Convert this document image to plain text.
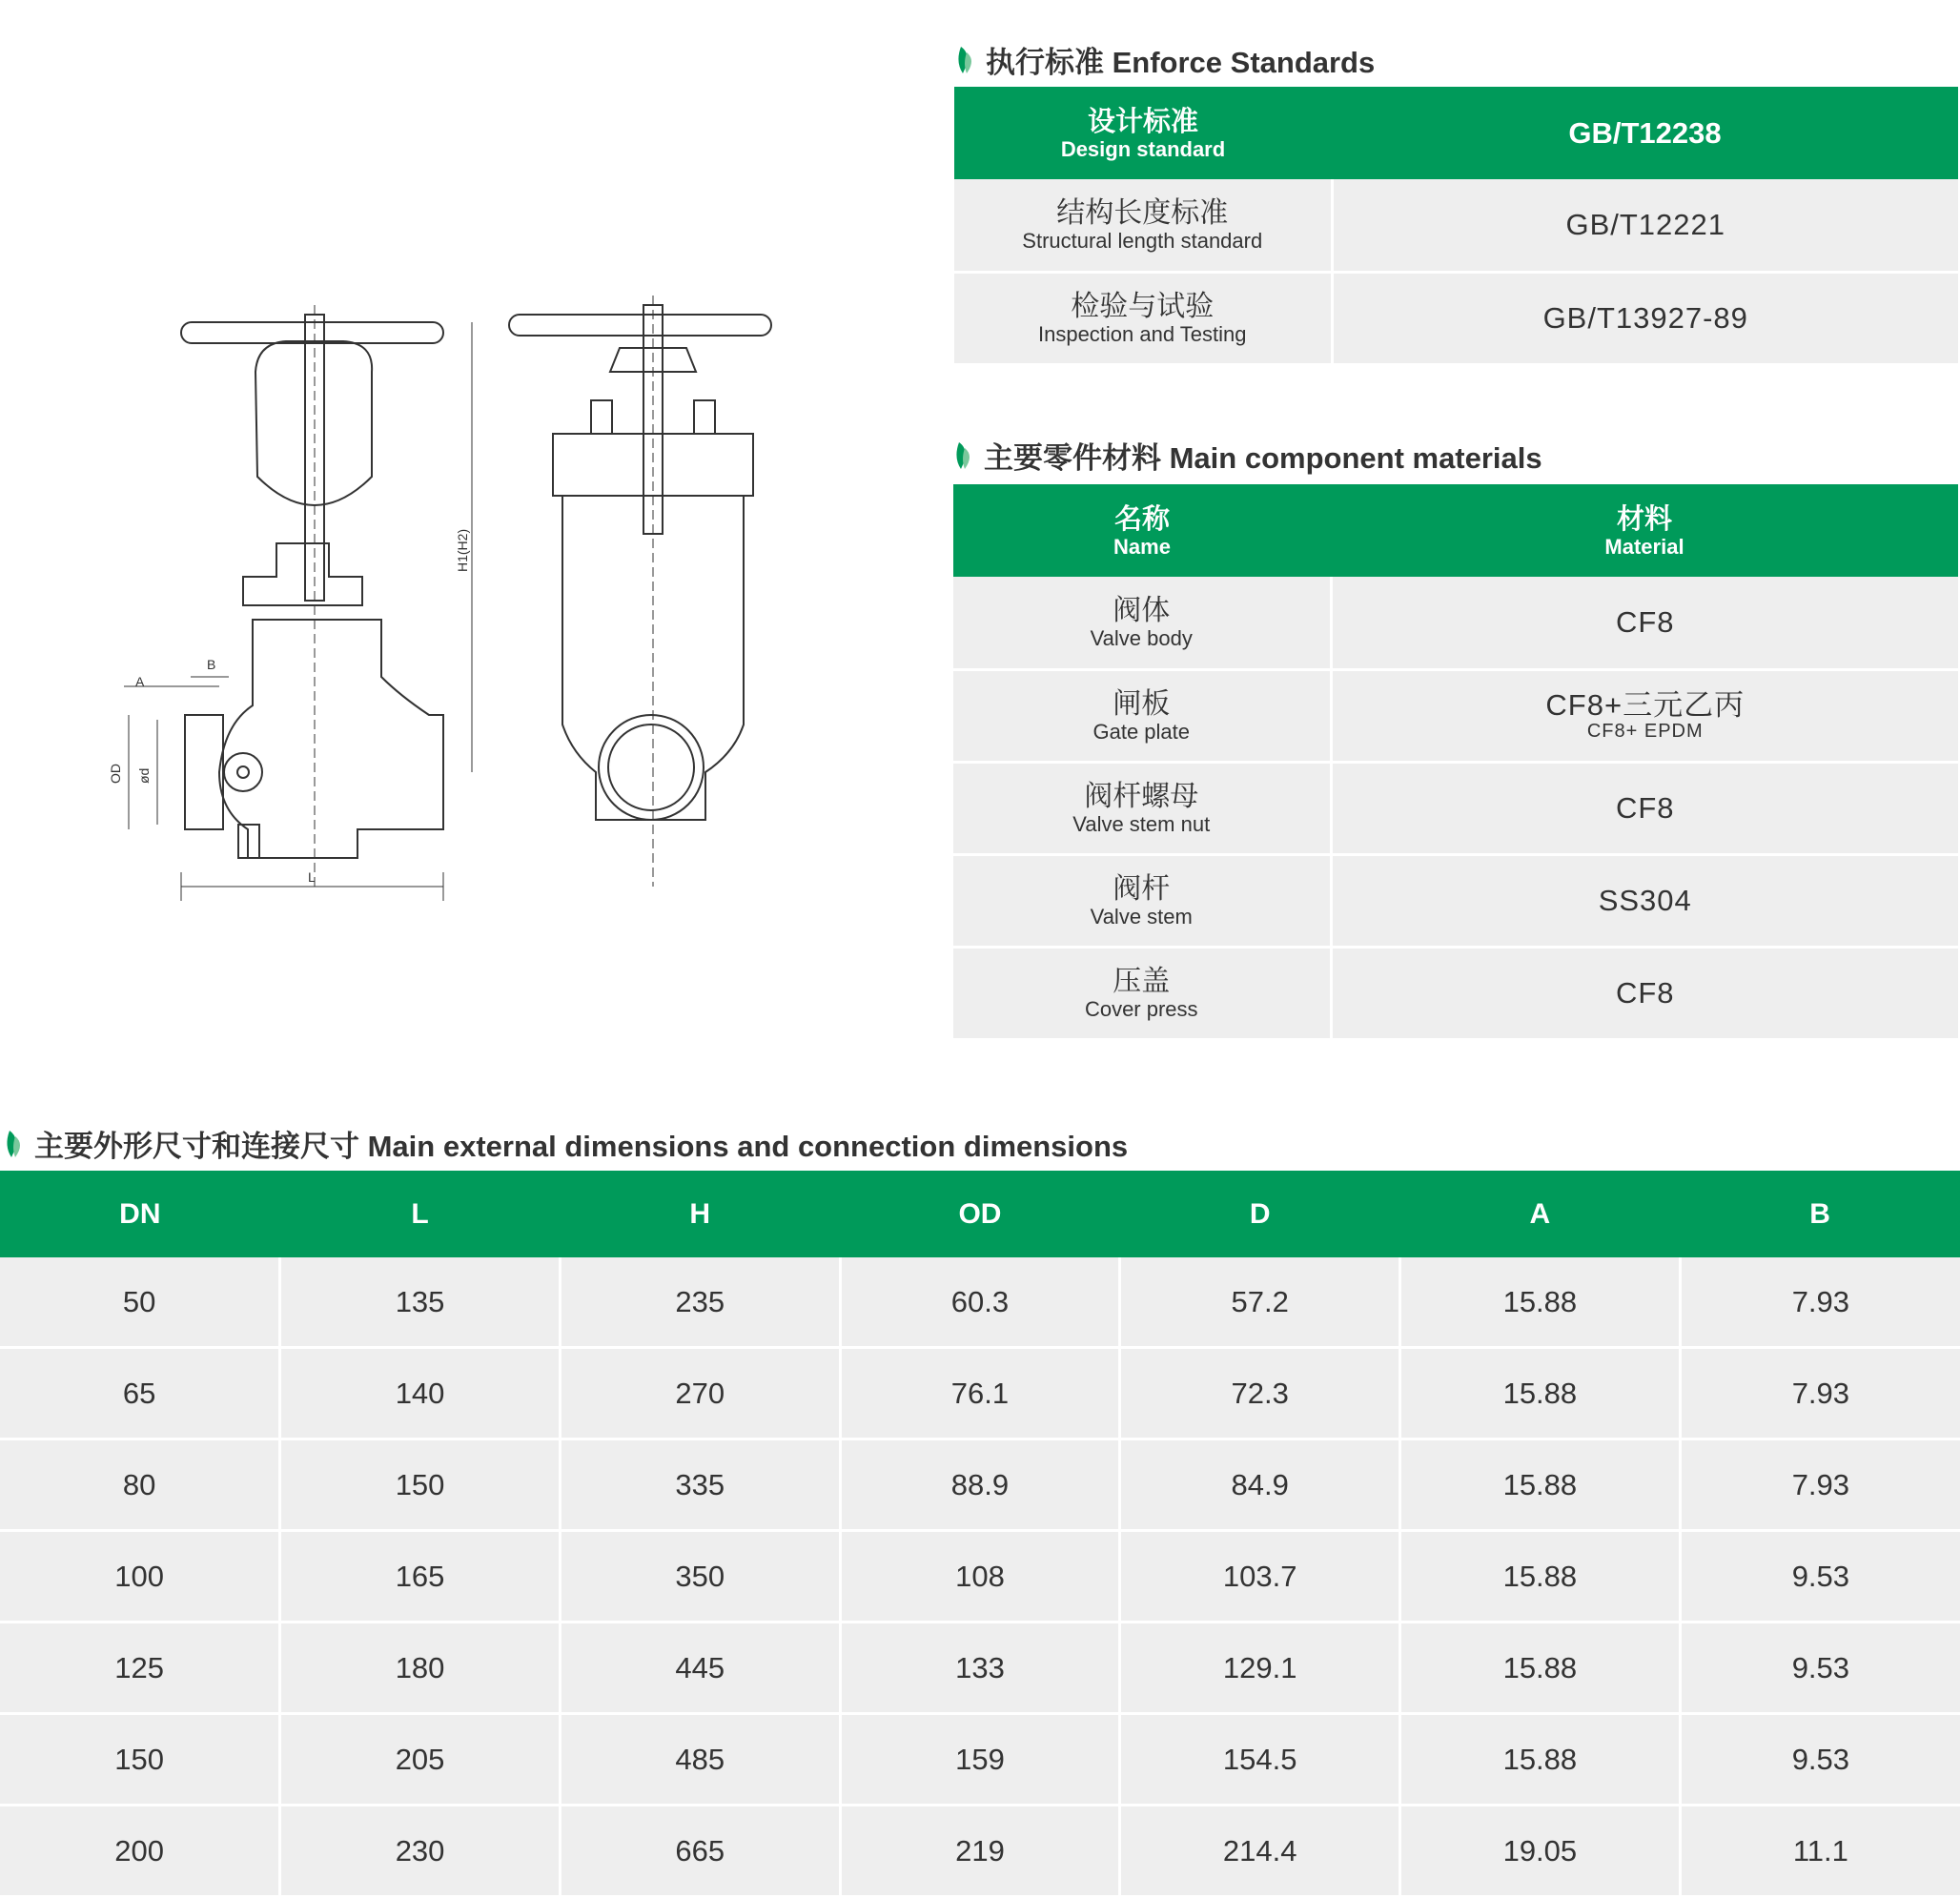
A
B
OD ød
L
H1(H2)
执行标准 Enforce Standards
设计标准
Design standard	GB/T12238

结构长度标准
Structural length standard	GB/T12221

检验与试验
Inspection and Testing	GB/T13927-89
主要零件材料 Main component materials
名称
Name	材料
Material

阀体
Valve body	CF8

闸板
Gate plate	CF8+三元乙丙
CF8+ EPDM

阀杆螺母
Valve stem nut	CF8

阀杆
Valve stem	SS304

压盖
Cover press	CF8
主要外形尺寸和连接尺寸 Main external dimensions and connection dimensions
DN	L	H	OD	D	A	B
50	135	235	60.3	57.2	15.88	7.93
65	140	270	76.1	72.3	15.88	7.93
80	150	335	88.9	84.9	15.88	7.93
100	165	350	108	103.7	15.88	9.53
125	180	445	133	129.1	15.88	9.53
150	205	485	159	154.5	15.88	9.53
200	230	665	219	214.4	19.05	11.1
